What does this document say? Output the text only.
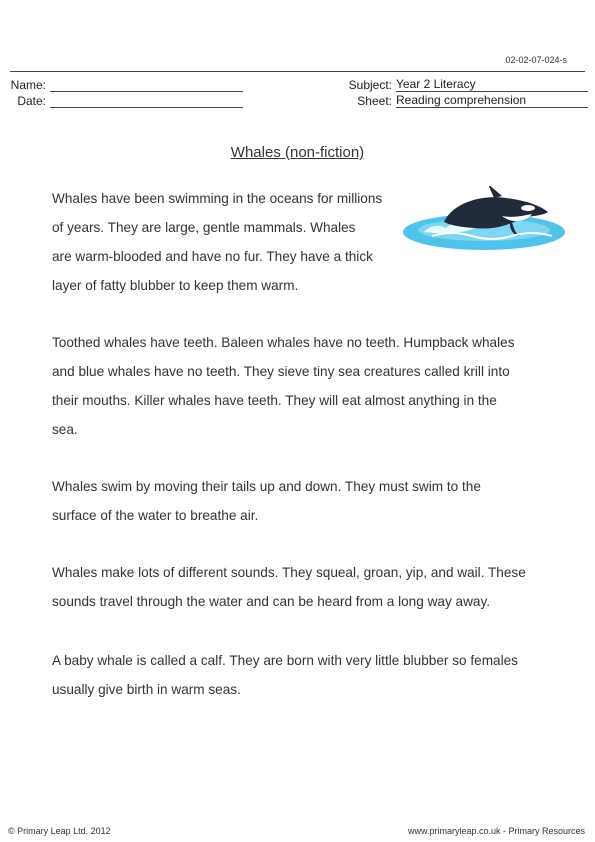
02-02-07-024-s
Name:
Date:
Subject: Year 2 Literacy
Sheet: Reading comprehension
Whales (non-fiction)
Whales have been swimming in the oceans for millions
of years. They are large, gentle mammals. Whales
are warm-blooded and have no fur. They have a thick
layer of fatty blubber to keep them warm.
Toothed whales have teeth. Baleen whales have no teeth. Humpback whales
and blue whales have no teeth. They sieve tiny sea creatures called krill into
their mouths. Killer whales have teeth. They will eat almost anything in the
sea.
Whales swim by moving their tails up and down. They must swim to the
surface of the water to breathe air.
Whales make lots of different sounds. They squeal, groan, yip, and wail. These
sounds travel through the water and can be heard from a long way away.
A baby whale is called a calf. They are born with very little blubber so females
usually give birth in warm seas.
© Primary Leap Ltd. 2012	www.primaryleap.co.uk - Primary Resources
